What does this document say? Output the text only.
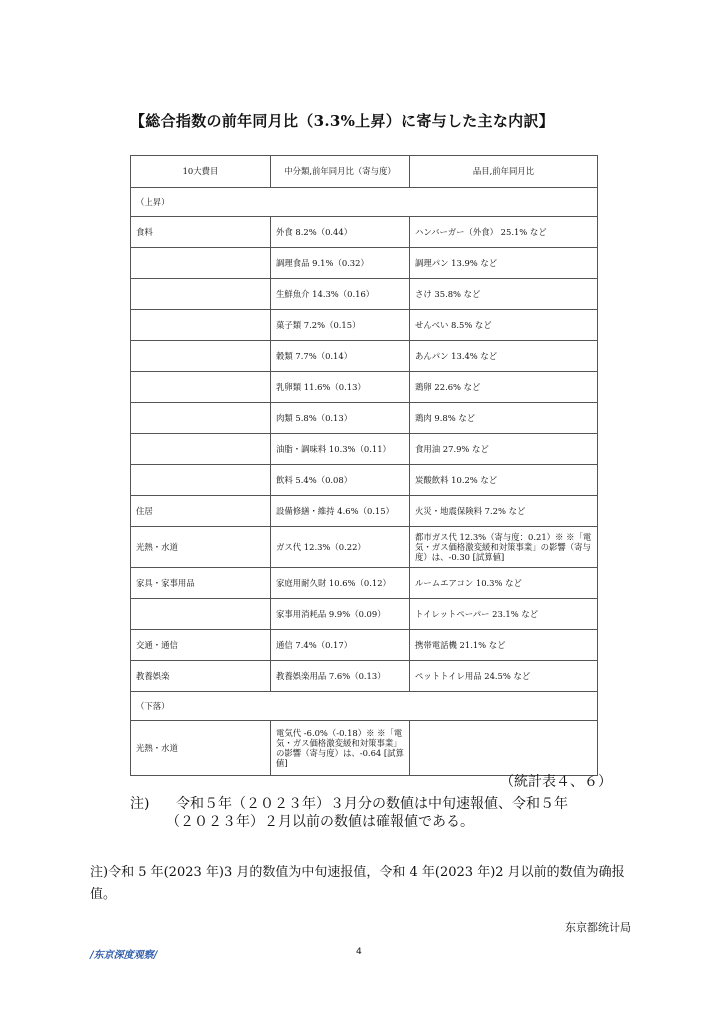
【総合指数の前年同月比（3.3%上昇）に寄与した主な内訳】
10大費目	中分類,前年同月比（寄与度）	品目,前年同月比
（上昇）		
食料	外食 8.2%（0.44）	ハンバーガー（外食） 25.1% など
	調理食品 9.1%（0.32）	調理パン 13.9% など
	生鮮魚介 14.3%（0.16）	さけ 35.8% など
	菓子類 7.2%（0.15）	せんべい 8.5% など
	穀類 7.7%（0.14）	あんパン 13.4% など
	乳卵類 11.6%（0.13）	鶏卵 22.6% など
	肉類 5.8%（0.13）	鶏肉 9.8% など
	油脂・調味料 10.3%（0.11）	食用油 27.9% など
	飲料 5.4%（0.08）	炭酸飲料 10.2% など
住居	設備修繕・維持 4.6%（0.15）	火災・地震保険料 7.2% など
光熱・水道	ガス代 12.3%（0.22）	都市ガス代 12.3%（寄与度：0.21）※ ※「電気・ガス価格激変緩和対策事業」の影響（寄与度）は、-0.30 [試算値]
家具・家事用品	家庭用耐久財 10.6%（0.12）	ルームエアコン 10.3% など
	家事用消耗品 9.9%（0.09）	トイレットペーパー 23.1% など
交通・通信	通信 7.4%（0.17）	携帯電話機 21.1% など
教養娯楽	教養娯楽用品 7.6%（0.13）	ペットトイレ用品 24.5% など
（下落）		
光熱・水道	電気代 -6.0%（-0.18）※ ※「電気・ガス価格激変緩和対策事業」の影響（寄与度）は、-0.64 [試算値]	
（統計表４、６）
注) 令和５年（２０２３年）３月分の数値は中旬速報値、令和５年
（２０２３年）２月以前の数値は確報値である。
注)令和 5 年(2023 年)3 月的数值为中旬速报值，令和 4 年(2023 年)2 月以前的数值为确报值。
东京都统计局
/东京深度观察/	4
